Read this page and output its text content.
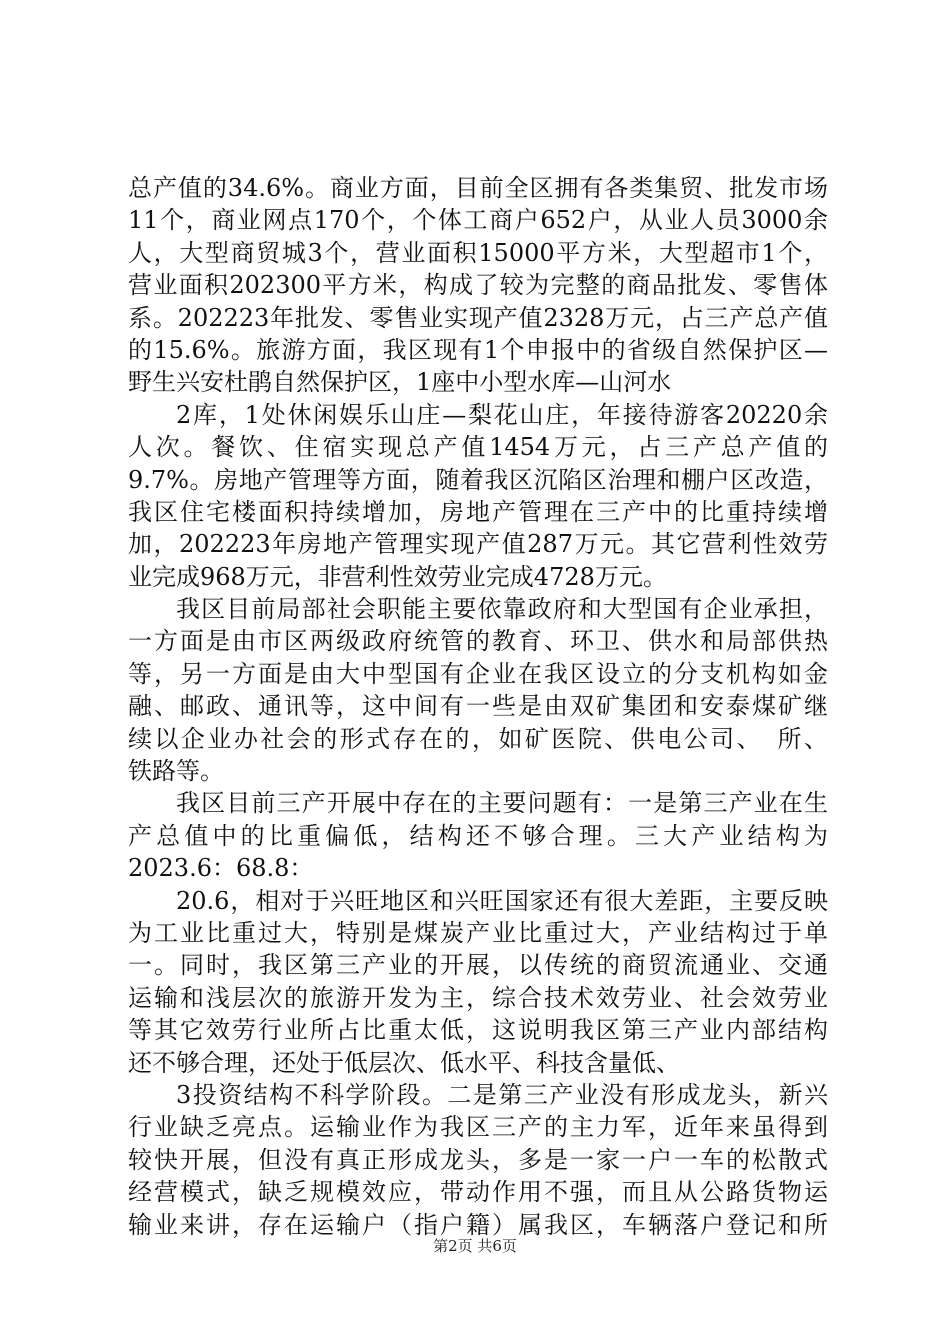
总产值的34.6%。商业方面，目前全区拥有各类集贸、批发市场
11个，商业网点170个，个体工商户652户，从业人员3000余
人，大型商贸城3个，营业面积15000平方米，大型超市1个，
营业面积202300平方米，构成了较为完整的商品批发、零售体
系。202223年批发、零售业实现产值2328万元，占三产总产值
的15.6%。旅游方面，我区现有1个申报中的省级自然保护区—
野生兴安杜鹃自然保护区，1座中小型水库—山河水
2库，1处休闲娱乐山庄—梨花山庄，年接待游客20220余
人次。餐饮、住宿实现总产值1454万元，占三产总产值的
9.7%。房地产管理等方面，随着我区沉陷区治理和棚户区改造，
我区住宅楼面积持续增加，房地产管理在三产中的比重持续增
加，202223年房地产管理实现产值287万元。其它营利性效劳
业完成968万元，非营利性效劳业完成4728万元。
我区目前局部社会职能主要依靠政府和大型国有企业承担，
一方面是由市区两级政府统管的教育、环卫、供水和局部供热
等，另一方面是由大中型国有企业在我区设立的分支机构如金
融、邮政、通讯等，这中间有一些是由双矿集团和安泰煤矿继
续以企业办社会的形式存在的，如矿医院、供电公司、　所、
铁路等。
我区目前三产开展中存在的主要问题有：一是第三产业在生
产总值中的比重偏低，结构还不够合理。三大产业结构为
2023.6：68.8：
20.6，相对于兴旺地区和兴旺国家还有很大差距，主要反映
为工业比重过大，特别是煤炭产业比重过大，产业结构过于单
一。同时，我区第三产业的开展，以传统的商贸流通业、交通
运输和浅层次的旅游开发为主，综合技术效劳业、社会效劳业
等其它效劳行业所占比重太低，这说明我区第三产业内部结构
还不够合理，还处于低层次、低水平、科技含量低、
3投资结构不科学阶段。二是第三产业没有形成龙头，新兴
行业缺乏亮点。运输业作为我区三产的主力军，近年来虽得到
较快开展，但没有真正形成龙头，多是一家一户一车的松散式
经营模式，缺乏规模效应，带动作用不强，而且从公路货物运
输业来讲，存在运输户（指户籍）属我区，车辆落户登记和所
第2页 共6页
